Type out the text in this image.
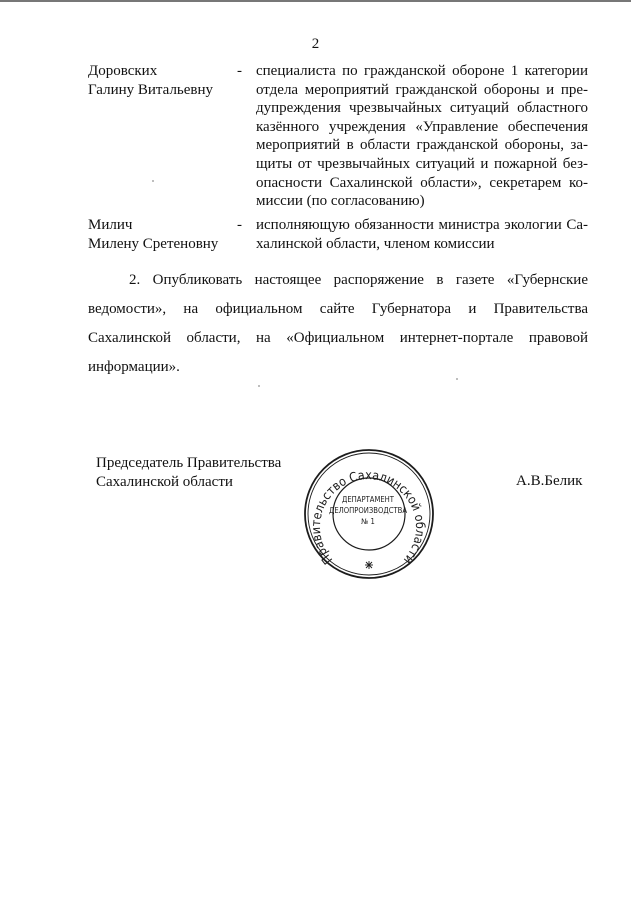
2
Доровских
Галину Витальевну
- специалиста по гражданской обороне 1 категории
отдела мероприятий гражданской обороны и пре-
дупреждения чрезвычайных ситуаций областного
казённого учреждения «Управление обеспечения
мероприятий в области гражданской обороны, за-
щиты от чрезвычайных ситуаций и пожарной без-
опасности Сахалинской области», секретарем ко-
миссии (по согласованию)
Милич
Милену Сретеновну
- исполняющую обязанности министра экологии Са-
халинской области, членом комиссии
2. Опубликовать настоящее распоряжение в газете «Губернские
ведомости», на официальном сайте Губернатора и Правительства
Сахалинской области, на «Официальном интернет-портале правовой
информации».
Председатель Правительства
Сахалинской области	А.В.Белик
Правительство Сахалинской области
ДЕПАРТАМЕНТ
ДЕЛОПРОИЗВОДСТВА
№ 1
